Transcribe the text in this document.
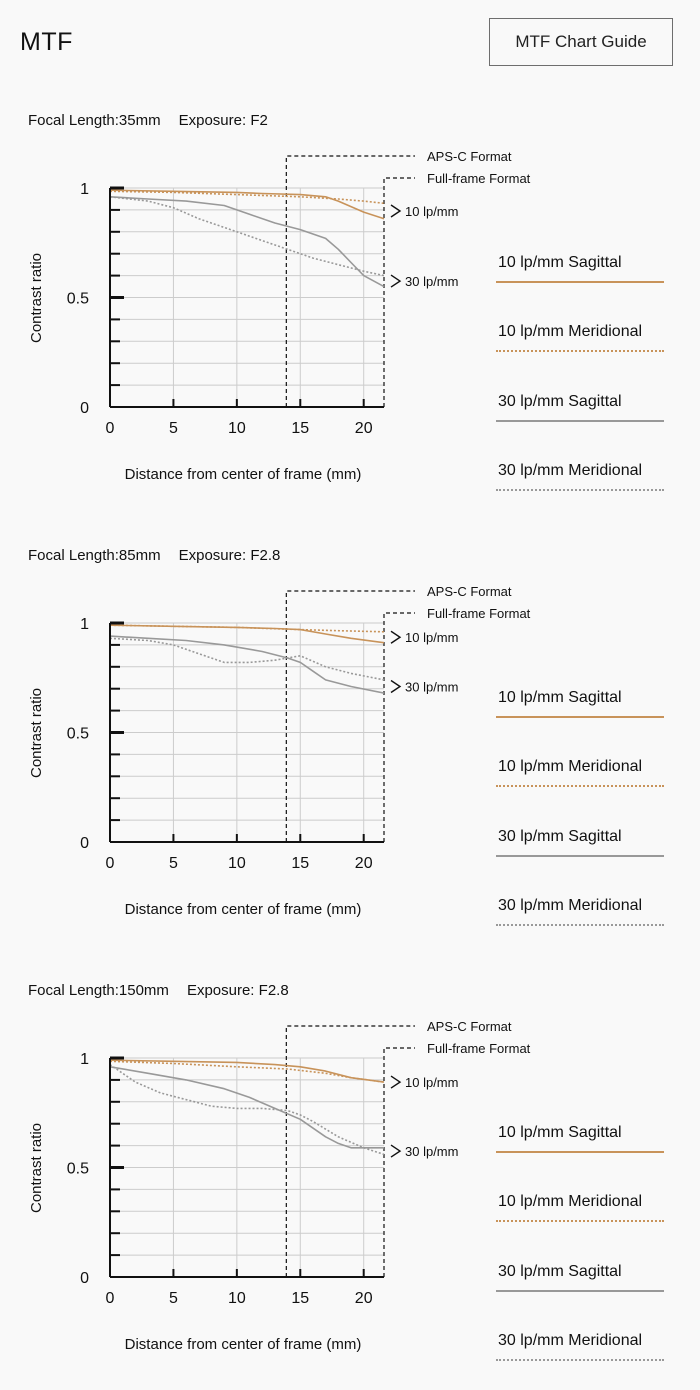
MTF	MTF Chart Guide
Focal Length:35mm Exposure: F2
APS-C Format
Full-frame Format
10 lp/mm
30 lp/mm
0	5	10	15	20
0
0.5
1
Distance from center of frame (mm)
Contrast ratio	10 lp/mm Sagittal
10 lp/mm Meridional
30 lp/mm Sagittal
30 lp/mm Meridional
Focal Length:85mm Exposure: F2.8
APS-C Format
Full-frame Format
10 lp/mm
30 lp/mm
0	5	10	15	20
0
0.5
1
Distance from center of frame (mm)
Contrast ratio	10 lp/mm Sagittal
10 lp/mm Meridional
30 lp/mm Sagittal
30 lp/mm Meridional
Focal Length:150mm Exposure: F2.8
APS-C Format
Full-frame Format
10 lp/mm
30 lp/mm
0	5	10	15	20
0
0.5
1
Distance from center of frame (mm)
Contrast ratio	10 lp/mm Sagittal
10 lp/mm Meridional
30 lp/mm Sagittal
30 lp/mm Meridional
